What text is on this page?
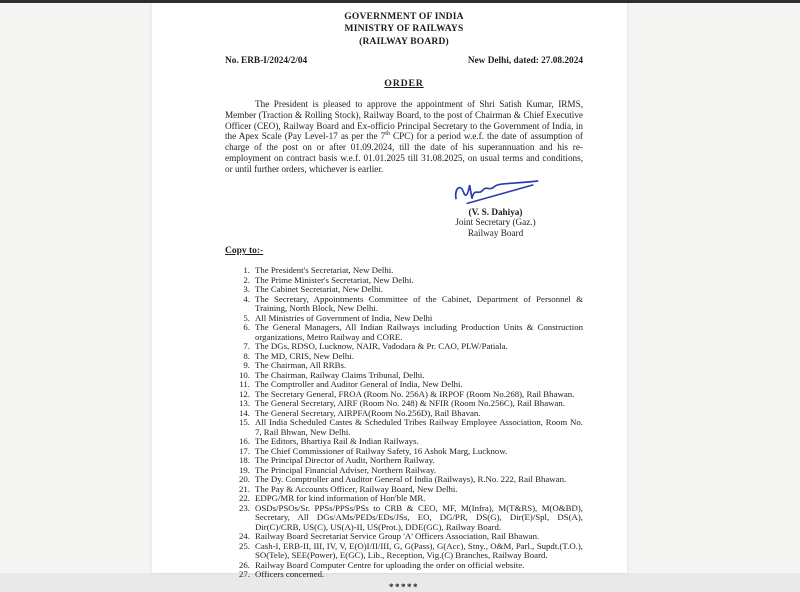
GOVERNMENT OF INDIA
MINISTRY OF RAILWAYS
(RAILWAY BOARD)
No. ERB-I/2024/2/04	New Delhi, dated: 27.08.2024
ORDER

The President is pleased to approve the appointment of Shri Satish Kumar, IRMS, Member (Traction & Rolling Stock), Railway Board, to the post of Chairman & Chief Executive Officer (CEO), Railway Board and Ex-officio Principal Secretary to the Government of India, in the Apex Scale (Pay Level-17 as per the 7th CPC) for a period w.e.f. the date of assumption of charge of the post on or after 01.09.2024, till the date of his superannuation and his re-employment on contract basis w.e.f. 01.01.2025 till 31.08.2025, on usual terms and conditions, or until further orders, whichever is earlier.

(V. S. Dahiya)
Joint Secretary (Gaz.)
Railway Board
Copy to:-
1. The President's Secretariat, New Delhi.
2. The Prime Minister's Secretariat, New Delhi.
3. The Cabinet Secretariat, New Delhi.
4. The Secretary, Appointments Committee of the Cabinet, Department of Personnel & Training, North Block, New Delhi.
5. All Ministries of Government of India, New Delhi
6. The General Managers, All Indian Railways including Production Units & Construction organizations, Metro Railway and CORE.
7. The DGs, RDSO, Lucknow, NAIR, Vadodara & Pr. CAO, PLW/Patiala.
8. The MD, CRIS, New Delhi.
9. The Chairman, All RRBs.
10. The Chairman, Railway Claims Tribunal, Delhi.
11. The Comptroller and Auditor General of India, New Delhi.
12. The Secretary General, FROA (Room No. 256A) & IRPOF (Room No.268), Rail Bhawan.
13. The General Secretary, AIRF (Room No. 248) & NFIR (Room No.256C), Rail Bhawan.
14. The General Secretary, AIRPFA(Room No.256D), Rail Bhavan.
15. All India Scheduled Castes & Scheduled Tribes Railway Employee Association, Room No. 7, Rail Bhwan, New Delhi.
16. The Editors, Bhartiya Rail & Indian Railways.
17. The Chief Commissioner of Railway Safety, 16 Ashok Marg, Lucknow.
18. The Principal Director of Audit, Northern Railway.
19. The Principal Financial Adviser, Northern Railway.
20. The Dy. Comptroller and Auditor General of India (Railways), R.No. 222, Rail Bhawan.
21. The Pay & Accounts Officer, Railway Board, New Delhi.
22. EDPG/MR for kind information of Hon'ble MR.
23. OSDs/PSOs/Sr. PPSs/PPSs/PSs to CRB & CEO, MF, M(Infra), M(T&RS), M(O&BD), Secretary, All DGs/AMs/PEDs/EDs/JSs, EO, DG/PR, DS(G), Dir(E)/Spl, DS(A), Dir(C)/CRB, US(C), US(A)-II, US(Prot.), DDE(GC), Railway Board.
24. Railway Board Secretariat Service Group 'A' Officers Association, Rail Bhawan.
25. Cash-I, ERB-II, III, IV, V, E(O)I/II/III, G, G(Pass), G(Acc), Stny., O&M, Parl., Supdt.(T.O.), SO(Tele), SEE(Power), E(GC), Lib., Reception, Vig.(C) Branches, Railway Board.
26. Railway Board Computer Centre for uploading the order on official website.
27. Officers concerned.
*****
